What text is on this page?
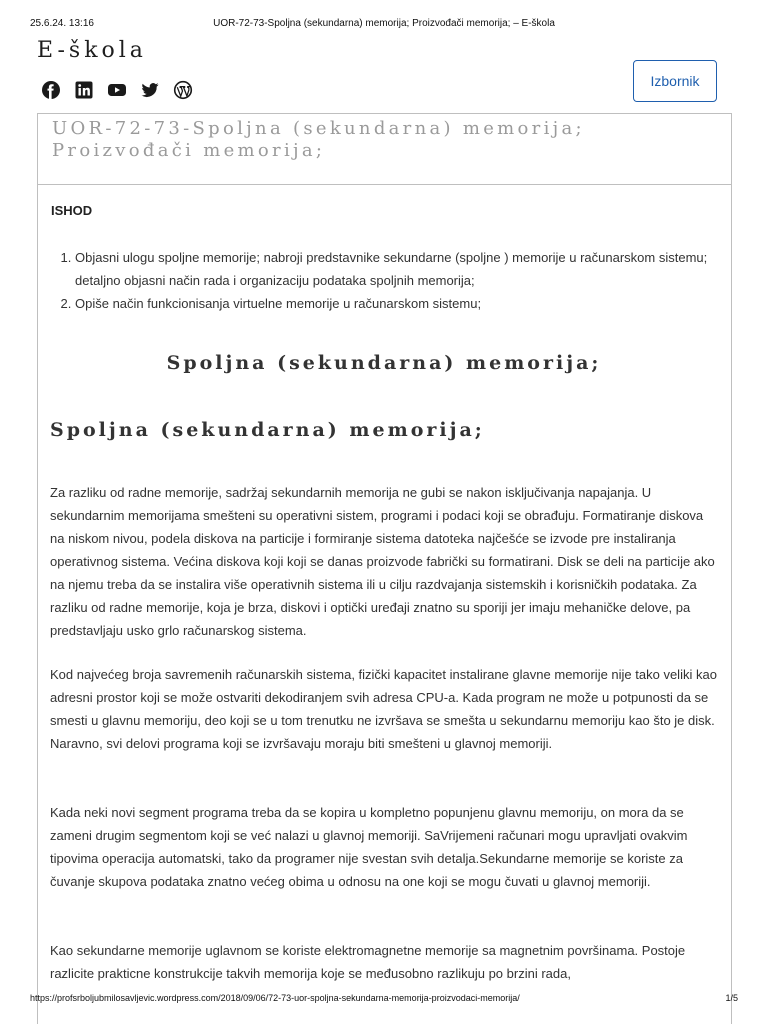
25.6.24. 13:16	UOR-72-73-Spoljna (sekundarna) memorija; Proizvođači memorija; – E-škola
E-škola
Izbornik
UOR-72-73-Spoljna (sekundarna) memorija; Proizvođači memorija;
ISHOD
1. Objasni ulogu spoljne memorije; nabroji predstavnike sekundarne (spoljne ) memorije u računarskom sistemu; detaljno objasni način rada i organizaciju podataka spoljnih memorija;
2. Opiše način funkcionisanja virtuelne memorije u računarskom sistemu;
Spoljna (sekundarna) memorija;
Spoljna (sekundarna) memorija;

Za razliku od radne memorije, sadržaj sekundarnih memorija ne gubi se nakon isključivanja napajanja. U sekundarnim memorijama smešteni su operativni sistem, programi i podaci koji se obrađuju. Formatiranje diskova na niskom nivou, podela diskova na particije i formiranje sistema datoteka najčešće se izvode pre instaliranja operativnog sistema. Većina diskova koji koji se danas proizvode fabrički su formatirani. Disk se deli na particije ako na njemu treba da se instalira više operativnih sistema ili u cilju razdvajanja sistemskih i korisničkih podataka. Za razliku od radne memorije, koja je brza, diskovi i optički uređaji znatno su sporiji jer imaju mehaničke delove, pa predstavljaju usko grlo računarskog sistema.

Kod najvećeg broja savremenih računarskih sistema, fizički kapacitet instalirane glavne memorije nije tako veliki kao adresni prostor koji se može ostvariti dekodiranjem svih adresa CPU-a. Kada program ne može u potpunosti da se smesti u glavnu memoriju, deo koji se u tom trenutku ne izvršava se smešta u sekundarnu memoriju kao što je disk. Naravno, svi delovi programa koji se izvršavaju moraju biti smešteni u glavnoj memoriji.

Kada neki novi segment programa treba da se kopira u kompletno popunjenu glavnu memoriju, on mora da se zameni drugim segmentom koji se već nalazi u glavnoj memoriji. SaVrijemeni računari mogu upravljati ovakvim tipovima operacija automatski, tako da programer nije svestan svih detalja.Sekundarne memorije se koriste za čuvanje skupova podataka znatno većeg obima u odnosu na one koji se mogu čuvati u glavnoj memoriji.

Kao sekundarne memorije uglavnom se koriste elektromagnetne memorije sa magnetnim površinama. Postoje razlicite prakticne konstrukcije takvih memorija koje se međusobno razlikuju po brzini rada,

https://profsrboljubmilosavljevic.wordpress.com/2018/09/06/72-73-uor-spoljna-sekundarna-memorija-proizvodaci-memorija/	1/5
